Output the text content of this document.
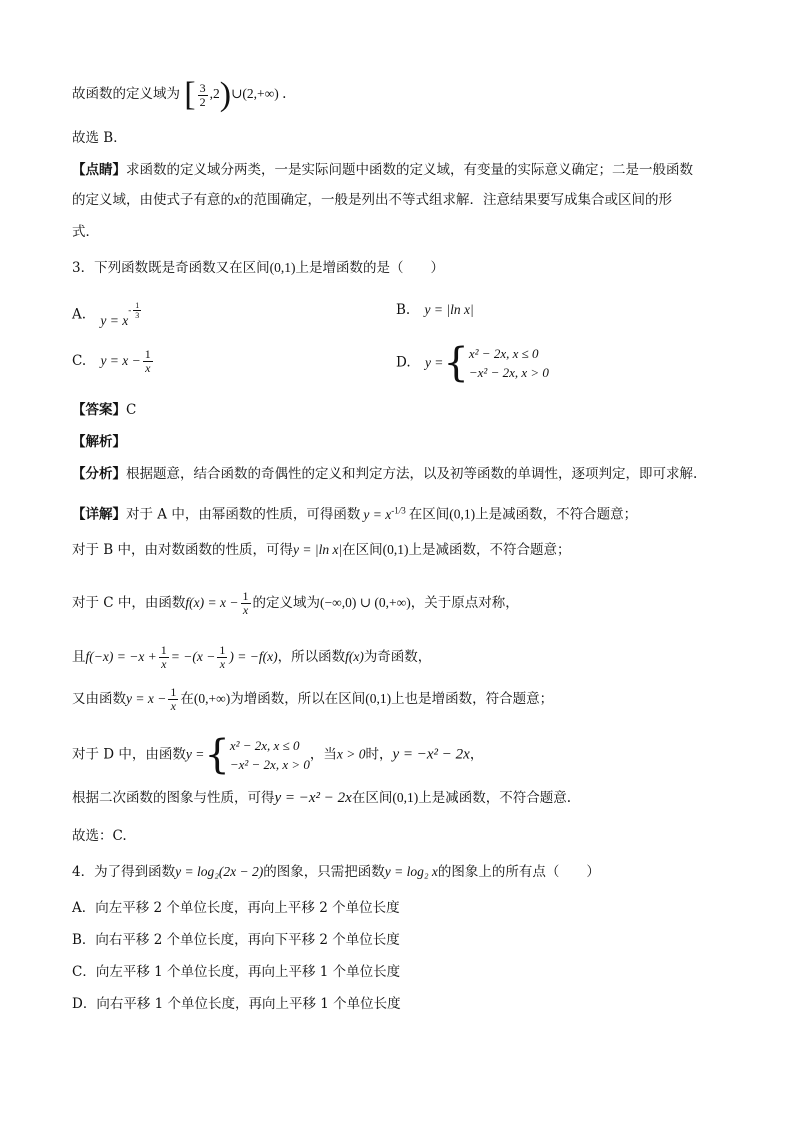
故函数的定义域为 [ $\frac{3}{2}$ ,2)∪(2,+∞) .
故选 B．
【点睛】求函数的定义域分两类，一是实际问题中函数的定义域，有变量的实际意义确定；二是一般函数
的定义域，由使式子有意的x的范围确定，一般是列出不等式组求解．注意结果要写成集合或区间的形
式．
3．下列函数既是奇函数又在区间(0,1)上是增函数的是（　　）
A. $y = x^{- \frac{1}{3}}$	B. y = |ln x|
C. $y = x - \frac{1}{x}$	D. y ={ x² − 2x, x ≤ 0
−x² − 2x, x > 0
【答案】C
【解析】
【分析】根据题意，结合函数的奇偶性的定义和判定方法，以及初等函数的单调性，逐项判定，即可求解.
【详解】对于 A 中，由幂函数的性质，可得函数 $y = x^{-1/3}$ 在区间(0,1)上是减函数，不符合题意；
对于 B 中，由对数函数的性质，可得y = |ln x|在区间(0,1)上是减函数，不符合题意；
对于 C 中，由函数$f(x) = x - \frac{1}{x}$ 的定义域为(−∞,0) ∪ (0,+∞)，关于原点对称，
且$f(-x) = -x + \frac{1}{x} = -(x - \frac{1}{x}$ ) = −f(x)，所以函数f(x)为奇函数，
又由函数$y = x - \frac{1}{x}$ 在(0,+∞)为增函数，所以在区间(0,1)上也是增函数，符合题意；
对于 D 中，由函数y ={ x² − 2x, x ≤ 0
−x² − 2x, x > 0
，当x > 0时，y = −x² − 2x，
根据二次函数的图象与性质，可得y = −x² − 2x在区间(0,1)上是减函数，不符合题意.
故选：C.
4．为了得到函数y = log₂(2x − 2)的图象，只需把函数y = log₂ x的图象上的所有点（　　）
A．向左平移 2 个单位长度，再向上平移 2 个单位长度
B．向右平移 2 个单位长度，再向下平移 2 个单位长度
C．向左平移 1 个单位长度，再向上平移 1 个单位长度
D．向右平移 1 个单位长度，再向上平移 1 个单位长度
